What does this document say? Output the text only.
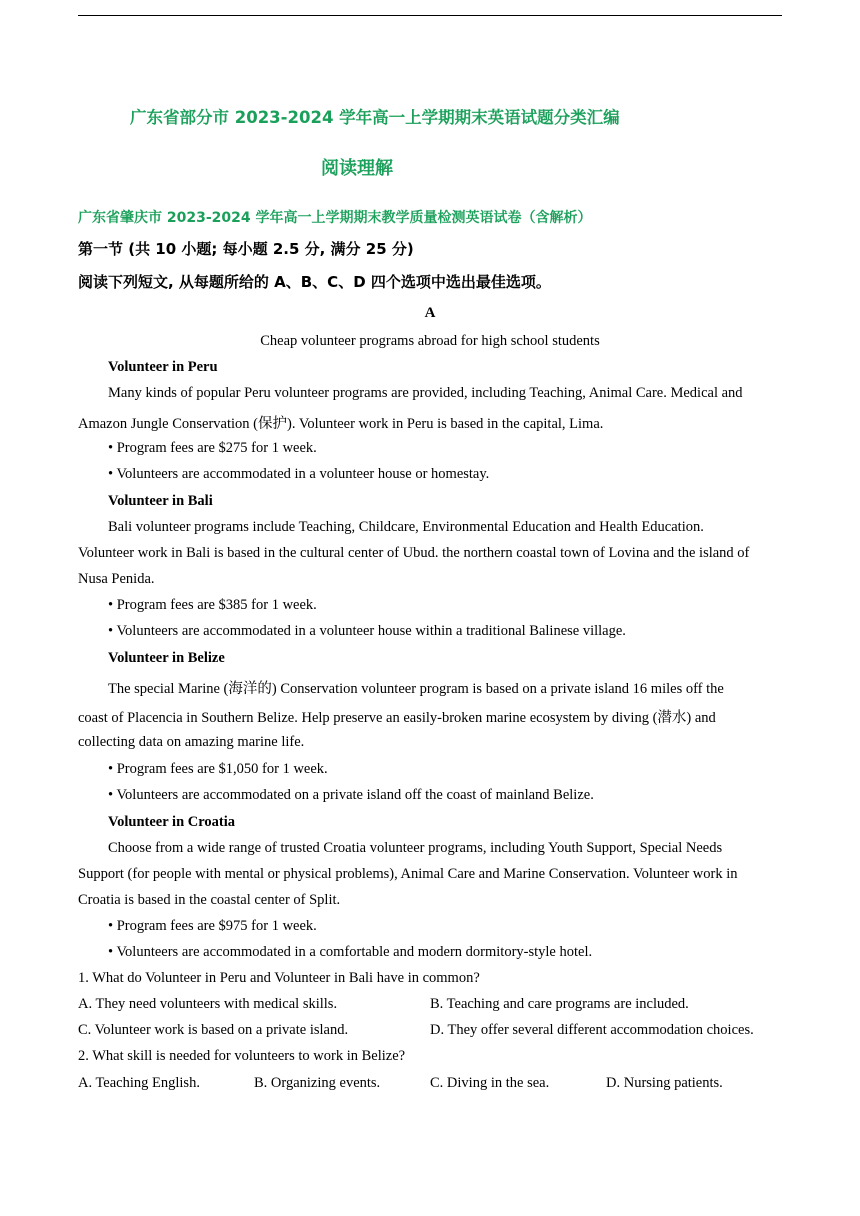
广东省部分市 2023-2024 学年高一上学期期末英语试题分类汇编
阅读理解
广东省肇庆市 2023-2024 学年高一上学期期末教学质量检测英语试卷（含解析）
第一节 (共 10 小题; 每小题 2.5 分, 满分 25 分)
阅读下列短文, 从每题所给的 A、B、C、D 四个选项中选出最佳选项。
A
Cheap volunteer programs abroad for high school students
Volunteer in Peru
Many kinds of popular Peru volunteer programs are provided, including Teaching, Animal Care. Medical and
Amazon Jungle Conservation (保护). Volunteer work in Peru is based in the capital, Lima.
• Program fees are $275 for 1 week.
• Volunteers are accommodated in a volunteer house or homestay.
Volunteer in Bali
Bali volunteer programs include Teaching, Childcare, Environmental Education and Health Education.
Volunteer work in Bali is based in the cultural center of Ubud. the northern coastal town of Lovina and the island of
Nusa Penida.
• Program fees are $385 for 1 week.
• Volunteers are accommodated in a volunteer house within a traditional Balinese village.
Volunteer in Belize
The special Marine (海洋的) Conservation volunteer program is based on a private island 16 miles off the
coast of Placencia in Southern Belize. Help preserve an easily-broken marine ecosystem by diving (潜水) and
collecting data on amazing marine life.
• Program fees are $1,050 for 1 week.
• Volunteers are accommodated on a private island off the coast of mainland Belize.
Volunteer in Croatia
Choose from a wide range of trusted Croatia volunteer programs, including Youth Support, Special Needs
Support (for people with mental or physical problems), Animal Care and Marine Conservation. Volunteer work in
Croatia is based in the coastal center of Split.
• Program fees are $975 for 1 week.
• Volunteers are accommodated in a comfortable and modern dormitory-style hotel.
1. What do Volunteer in Peru and Volunteer in Bali have in common?
A. They need volunteers with medical skills.	B. Teaching and care programs are included.
C. Volunteer work is based on a private island.	D. They offer several different accommodation choices.
2. What skill is needed for volunteers to work in Belize?
A. Teaching English.	B. Organizing events.	C. Diving in the sea.	D. Nursing patients.
